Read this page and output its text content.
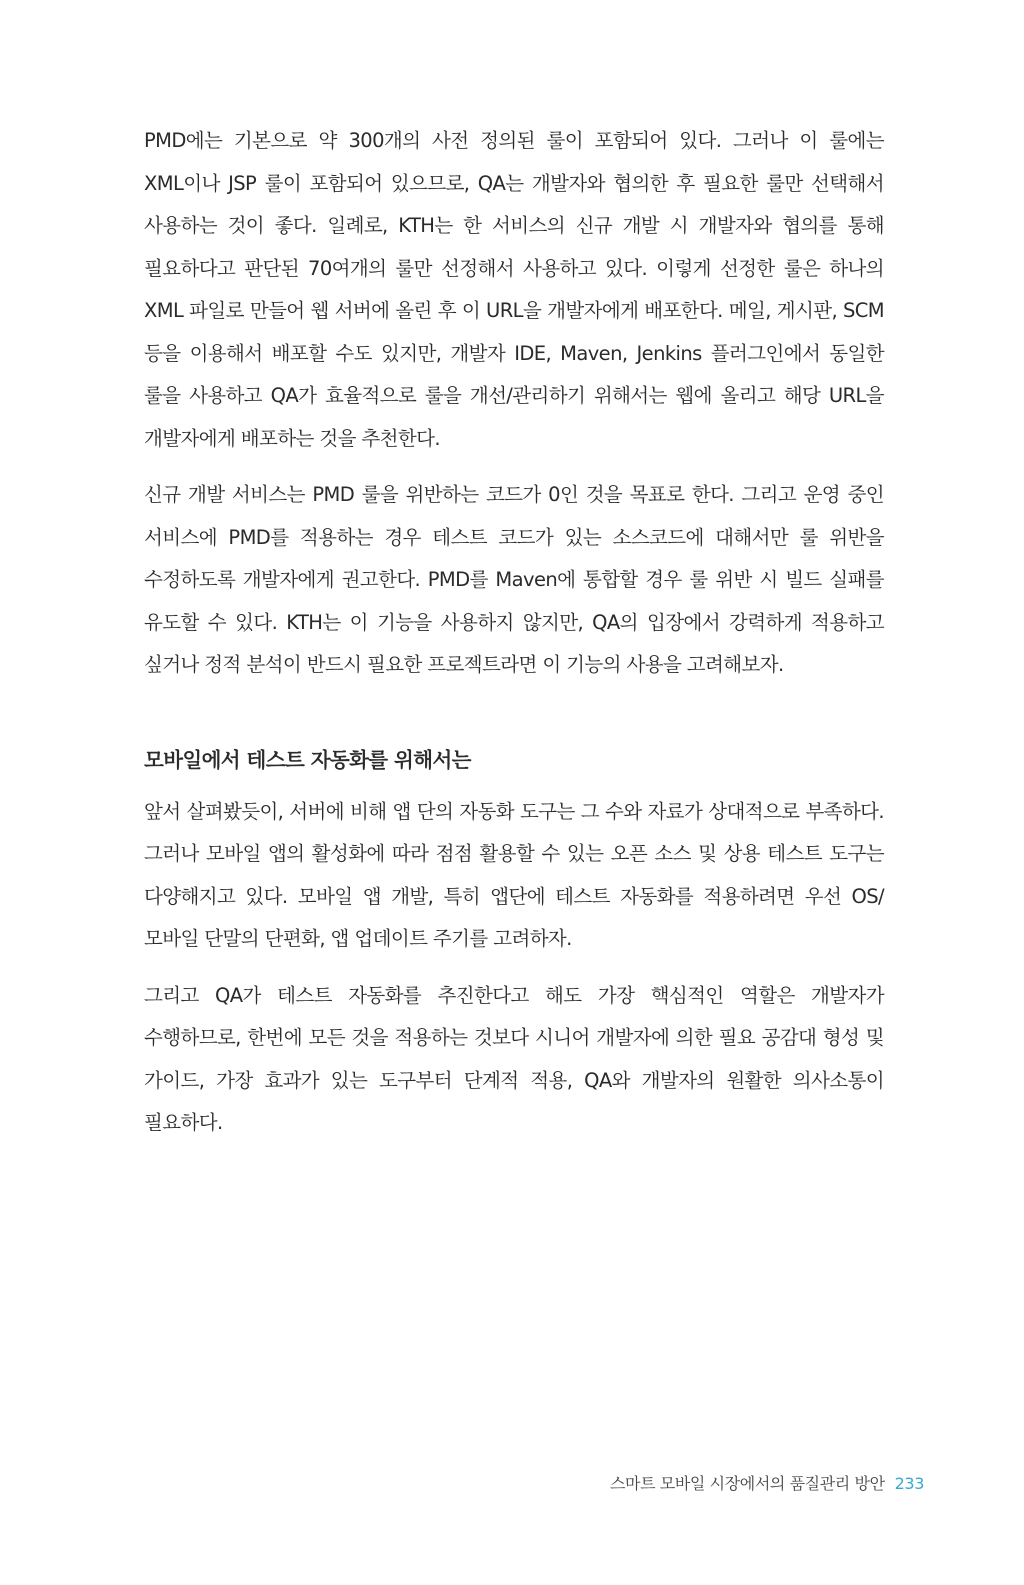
PMD에는 기본으로 약 300개의 사전 정의된 룰이 포함되어 있다. 그러나 이 룰에는 XML이나 JSP 룰이 포함되어 있으므로, QA는 개발자와 협의한 후 필요한 룰만 선택해서 사용하는 것이 좋다. 일례로, KTH는 한 서비스의 신규 개발 시 개발자와 협의를 통해 필요하다고 판단된 70여개의 룰만 선정해서 사용하고 있다. 이렇게 선정한 룰은 하나의 XML 파일로 만들어 웹 서버에 올린 후 이 URL을 개발자에게 배포한다. 메일, 게시판, SCM 등을 이용해서 배포할 수도 있지만, 개발자 IDE, Maven, Jenkins 플러그인에서 동일한 룰을 사용하고 QA가 효율적으로 룰을 개선/관리하기 위해서는 웹에 올리고 해당 URL을 개발자에게 배포하는 것을 추천한다.

신규 개발 서비스는 PMD 룰을 위반하는 코드가 0인 것을 목표로 한다. 그리고 운영 중인 서비스에 PMD를 적용하는 경우 테스트 코드가 있는 소스코드에 대해서만 룰 위반을 수정하도록 개발자에게 권고한다. PMD를 Maven에 통합할 경우 룰 위반 시 빌드 실패를 유도할 수 있다. KTH는 이 기능을 사용하지 않지만, QA의 입장에서 강력하게 적용하고 싶거나 정적 분석이 반드시 필요한 프로젝트라면 이 기능의 사용을 고려해보자.

모바일에서 테스트 자동화를 위해서는

앞서 살펴봤듯이, 서버에 비해 앱 단의 자동화 도구는 그 수와 자료가 상대적으로 부족하다. 그러나 모바일 앱의 활성화에 따라 점점 활용할 수 있는 오픈 소스 및 상용 테스트 도구는 다양해지고 있다. 모바일 앱 개발, 특히 앱단에 테스트 자동화를 적용하려면 우선 OS/모바일 단말의 단편화, 앱 업데이트 주기를 고려하자.

그리고 QA가 테스트 자동화를 추진한다고 해도 가장 핵심적인 역할은 개발자가 수행하므로, 한번에 모든 것을 적용하는 것보다 시니어 개발자에 의한 필요 공감대 형성 및 가이드, 가장 효과가 있는 도구부터 단계적 적용, QA와 개발자의 원활한 의사소통이 필요하다.

스마트 모바일 시장에서의 품질관리 방안 233
